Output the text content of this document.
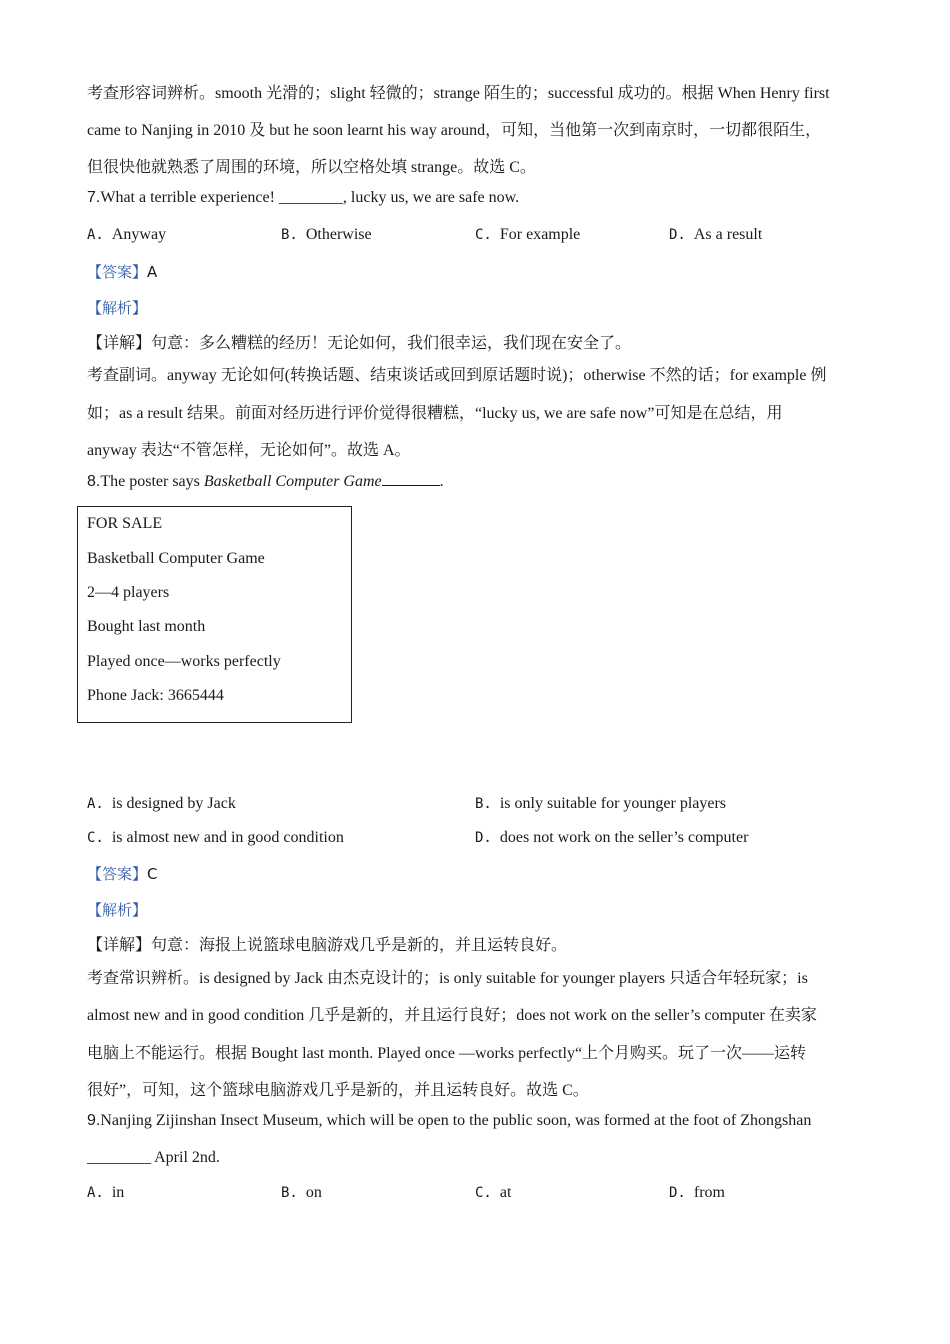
考查形容词辨析。smooth 光滑的；slight 轻微的；strange 陌生的；successful 成功的。根据 When Henry first
came to Nanjing in 2010 及 but he soon learnt his way around，可知，当他第一次到南京时，一切都很陌生，
但很快他就熟悉了周围的环境，所以空格处填 strange。故选 C。
7.What a terrible experience! ________, lucky us, we are safe now.
A. Anyway	B. Otherwise	C. For example	D. As a result
【答案】A
【解析】
【详解】句意：多么糟糕的经历！无论如何，我们很幸运，我们现在安全了。
考查副词。anyway 无论如何(转换话题、结束谈话或回到原话题时说)；otherwise 不然的话；for example 例
如；as a result 结果。前面对经历进行评价觉得很糟糕，“lucky us, we are safe now”可知是在总结，用
anyway 表达“不管怎样，无论如何”。故选 A。
8.The poster says Basketball Computer Game	.
FOR SALE
Basketball Computer Game
2—4 players
Bought last month
Played once—works perfectly
Phone Jack: 3665444
A. is designed by Jack	B. is only suitable for younger players
C. is almost new and in good condition	D. does not work on the seller’s computer
【答案】C
【解析】
【详解】句意：海报上说篮球电脑游戏几乎是新的，并且运转良好。
考查常识辨析。is designed by Jack 由杰克设计的；is only suitable for younger players 只适合年轻玩家；is
almost new and in good condition 几乎是新的，并且运行良好；does not work on the seller’s computer 在卖家
电脑上不能运行。根据 Bought last month. Played once —works perfectly“上个月购买。玩了一次——运转
很好”，可知，这个篮球电脑游戏几乎是新的，并且运转良好。故选 C。
9.Nanjing Zijinshan Insect Museum, which will be open to the public soon, was formed at the foot of Zhongshan
________ April 2nd.
A. in	B. on	C. at	D. from
